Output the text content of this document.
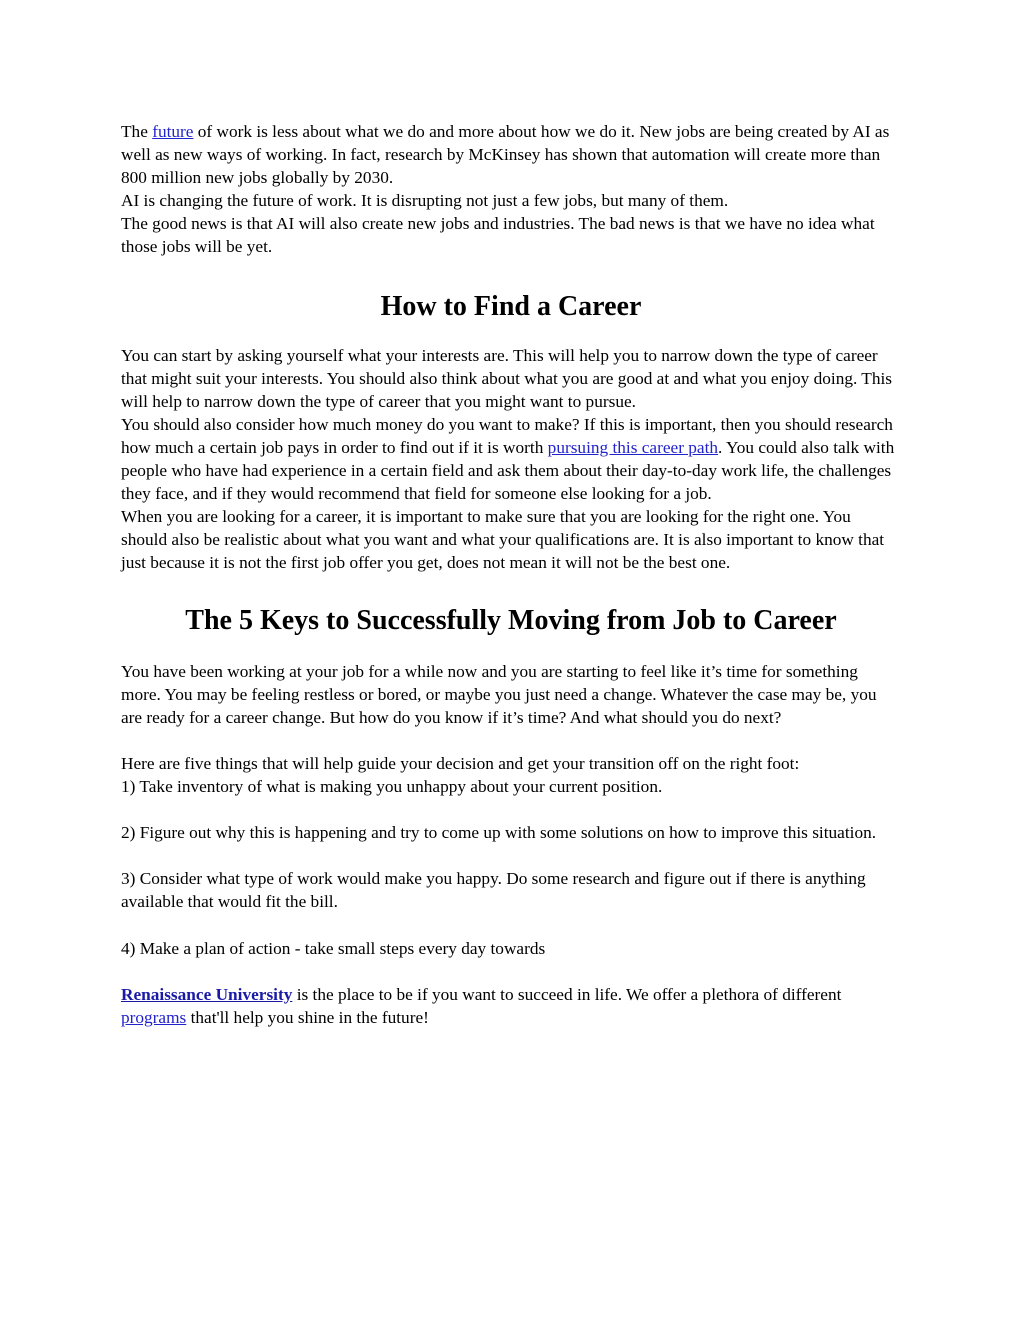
The future of work is less about what we do and more about how we do it. New jobs are being created by AI as well as new ways of working. In fact, research by McKinsey has shown that automation will create more than 800 million new jobs globally by 2030.

AI is changing the future of work. It is disrupting not just a few jobs, but many of them.

The good news is that AI will also create new jobs and industries. The bad news is that we have no idea what those jobs will be yet.

How to Find a Career

You can start by asking yourself what your interests are. This will help you to narrow down the type of career that might suit your interests. You should also think about what you are good at and what you enjoy doing. This will help to narrow down the type of career that you might want to pursue.

You should also consider how much money do you want to make? If this is important, then you should research how much a certain job pays in order to find out if it is worth pursuing this career path. You could also talk with people who have had experience in a certain field and ask them about their day-to-day work life, the challenges they face, and if they would recommend that field for someone else looking for a job.

When you are looking for a career, it is important to make sure that you are looking for the right one. You should also be realistic about what you want and what your qualifications are. It is also important to know that just because it is not the first job offer you get, does not mean it will not be the best one.

The 5 Keys to Successfully Moving from Job to Career

You have been working at your job for a while now and you are starting to feel like it’s time for something more. You may be feeling restless or bored, or maybe you just need a change. Whatever the case may be, you are ready for a career change. But how do you know if it’s time? And what should you do next?

Here are five things that will help guide your decision and get your transition off on the right foot:

1) Take inventory of what is making you unhappy about your current position.

2) Figure out why this is happening and try to come up with some solutions on how to improve this situation.

3) Consider what type of work would make you happy. Do some research and figure out if there is anything available that would fit the bill.

4) Make a plan of action - take small steps every day towards

Renaissance University is the place to be if you want to succeed in life. We offer a plethora of different programs that'll help you shine in the future!
